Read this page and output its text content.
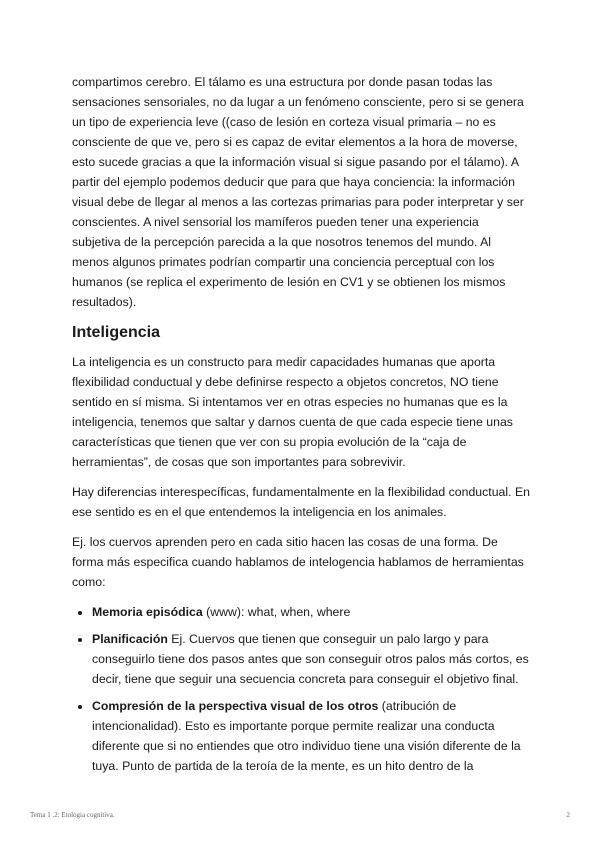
compartimos cerebro. El tálamo es una estructura por donde pasan todas las sensaciones sensoriales, no da lugar a un fenómeno consciente, pero si se genera un tipo de experiencia leve ((caso de lesión en corteza visual primaria – no es consciente de que ve, pero si es capaz de evitar elementos a la hora de moverse, esto sucede gracias a que la información visual si sigue pasando por el tálamo). A partir del ejemplo podemos deducir que para que haya conciencia: la información visual debe de llegar al menos a las cortezas primarias para poder interpretar y ser conscientes. A nivel sensorial los mamíferos pueden tener una experiencia subjetiva de la percepción parecida a la que nosotros tenemos del mundo. Al menos algunos primates podrían compartir una conciencia perceptual con los humanos (se replica el experimento de lesión en CV1 y se obtienen los mismos resultados).

Inteligencia

La inteligencia es un constructo para medir capacidades humanas que aporta flexibilidad conductual y debe definirse respecto a objetos concretos, NO tiene sentido en sí misma. Si intentamos ver en otras especies no humanas que es la inteligencia, tenemos que saltar y darnos cuenta de que cada especie tiene unas características que tienen que ver con su propia evolución de la “caja de herramientas”, de cosas que son importantes para sobrevivir.

Hay diferencias interespecíficas, fundamentalmente en la flexibilidad conductual. En ese sentido es en el que entendemos la inteligencia en los animales.

Ej. los cuervos aprenden pero en cada sitio hacen las cosas de una forma. De forma más especifica cuando hablamos de intelogencia hablamos de herramientas como:

• Memoria episódica (www): what, when, where
• Planificación Ej. Cuervos que tienen que conseguir un palo largo y para conseguirlo tiene dos pasos antes que son conseguir otros palos más cortos, es decir, tiene que seguir una secuencia concreta para conseguir el objetivo final.
• Compresión de la perspectiva visual de los otros (atribución de intencionalidad). Esto es importante porque permite realizar una conducta diferente que si no entiendes que otro individuo tiene una visión diferente de la tuya. Punto de partida de la teroía de la mente, es un hito dentro de la
Tema 1 .2: Etologia cognitiva.	2
